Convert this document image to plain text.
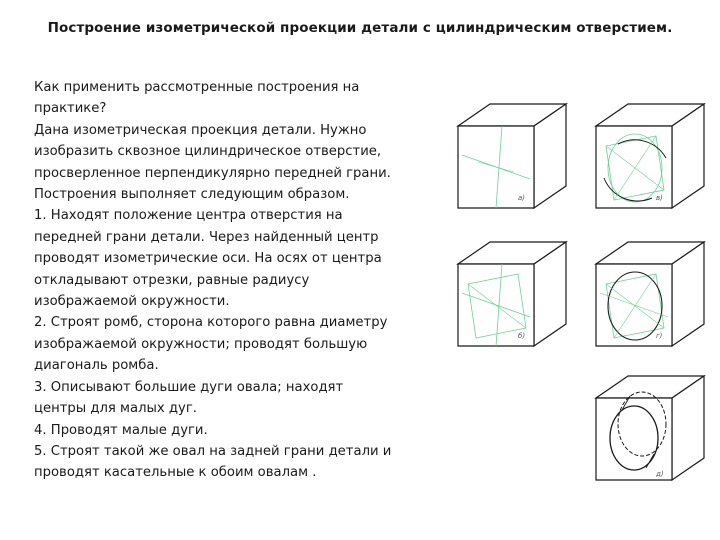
Построение изометрической проекции детали с цилиндрическим отверстием.
Как применить рассмотренные построения на
практике?
Дана изометрическая проекция детали. Нужно
изобразить сквозное цилиндрическое отверстие,
просверленное перпендикулярно передней грани.
Построения выполняет следующим образом.
1. Находят положение центра отверстия на
передней грани детали. Через найденный центр
проводят изометрические оси. На осях от центра
откладывают отрезки, равные радиусу
изображаемой окружности.
2. Строят ромб, сторона которого равна диаметру
изображаемой окружности; проводят большую
диагональ ромба.
3. Описывают большие дуги овала; находят
центры для малых дуг.
4. Проводят малые дуги.
5. Строят такой же овал на задней грани детали и
проводят касательные к обоим овалам .
а)	в)
б)	г)
д)
